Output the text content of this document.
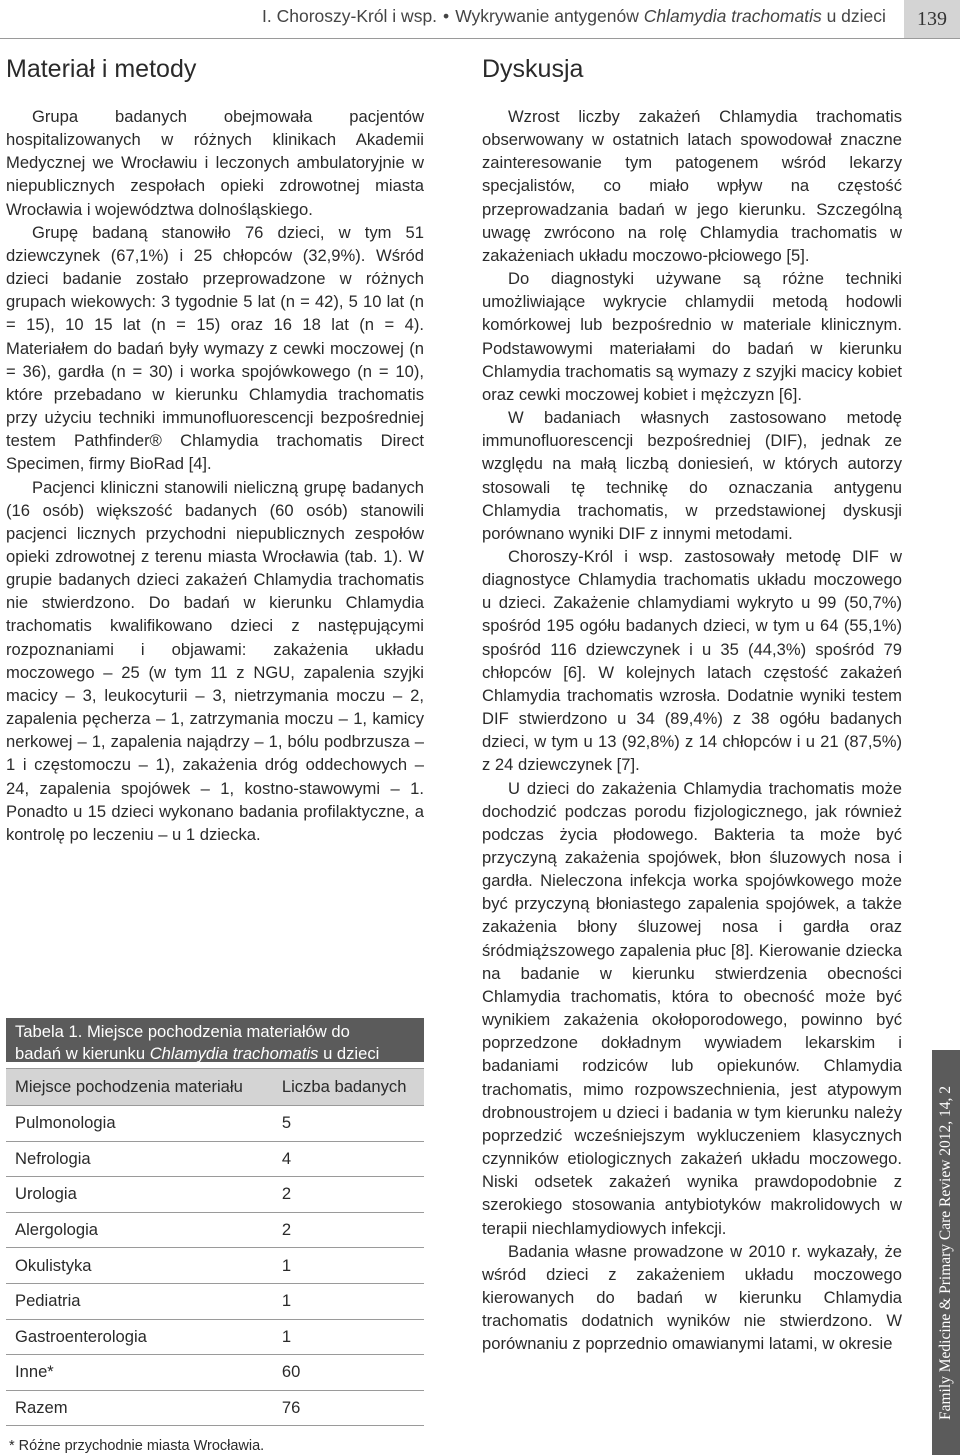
I. Choroszy-Król i wsp. • Wykrywanie antygenów Chlamydia trachomatis u dzieci	139
Materiał i metody

Grupa badanych obejmowała pacjentów hospitalizowanych w różnych klinikach Akademii Medycznej we Wrocławiu i leczonych ambulatoryjnie w niepublicznych zespołach opieki zdrowotnej miasta Wrocławia i województwa dolnośląskiego.

Grupę badaną stanowiło 76 dzieci, w tym 51 dziewczynek (67,1%) i 25 chłopców (32,9%). Wśród dzieci badanie zostało przeprowadzone w różnych grupach wiekowych: 3 tygodnie 5 lat (n = 42), 5 10 lat (n = 15), 10 15 lat (n = 15) oraz 16 18 lat (n = 4). Materiałem do badań były wymazy z cewki moczowej (n = 36), gardła (n = 30) i worka spojówkowego (n = 10), które przebadano w kierunku Chlamydia trachomatis przy użyciu techniki immunofluorescencji bezpośredniej testem Pathfinder® Chlamydia trachomatis Direct Specimen, firmy BioRad [4].

Pacjenci kliniczni stanowili nieliczną grupę badanych (16 osób) większość badanych (60 osób) stanowili pacjenci licznych przychodni niepublicznych zespołów opieki zdrowotnej z terenu miasta Wrocławia (tab. 1). W grupie badanych dzieci zakażeń Chlamydia trachomatis nie stwierdzono. Do badań w kierunku Chlamydia trachomatis kwalifikowano dzieci z następującymi rozpoznaniami i objawami: zakażenia układu moczowego – 25 (w tym 11 z NGU, zapalenia szyjki macicy – 3, leukocyturii – 3, nietrzymania moczu – 2, zapalenia pęcherza – 1, zatrzymania moczu – 1, kamicy nerkowej – 1, zapalenia najądrzy – 1, bólu podbrzusza – 1 i częstomoczu – 1), zakażenia dróg oddechowych – 24, zapalenia spojówek – 1, kostno-stawowymi – 1. Ponadto u 15 dzieci wykonano badania profilaktyczne, a kontrolę po leczeniu – u 1 dziecka.

Tabela 1. Miejsce pochodzenia materiałów do
badań w kierunku Chlamydia trachomatis u dzieci
Miejsce pochodzenia materiału	Liczba badanych
Pulmonologia	5
Nefrologia	4
Urologia	2
Alergologia	2
Okulistyka	1
Pediatria	1
Gastroenterologia	1
Inne*	60
Razem	76
* Różne przychodnie miasta Wrocławia.
Dyskusja

Wzrost liczby zakażeń Chlamydia trachomatis obserwowany w ostatnich latach spowodował znaczne zainteresowanie tym patogenem wśród lekarzy specjalistów, co miało wpływ na częstość przeprowadzania badań w jego kierunku. Szczególną uwagę zwrócono na rolę Chlamydia trachomatis w zakażeniach układu moczowo-płciowego [5].

Do diagnostyki używane są różne techniki umożliwiające wykrycie chlamydii metodą hodowli komórkowej lub bezpośrednio w materiale klinicznym. Podstawowymi materiałami do badań w kierunku Chlamydia trachomatis są wymazy z szyjki macicy kobiet oraz cewki moczowej kobiet i mężczyzn [6].

W badaniach własnych zastosowano metodę immunofluorescencji bezpośredniej (DIF), jednak ze względu na małą liczbą doniesień, w których autorzy stosowali tę technikę do oznaczania antygenu Chlamydia trachomatis, w przedstawionej dyskusji porównano wyniki DIF z innymi metodami.

Choroszy-Król i wsp. zastosowały metodę DIF w diagnostyce Chlamydia trachomatis układu moczowego u dzieci. Zakażenie chlamydiami wykryto u 99 (50,7%) spośród 195 ogółu badanych dzieci, w tym u 64 (55,1%) spośród 116 dziewczynek i u 35 (44,3%) spośród 79 chłopców [6]. W kolejnych latach częstość zakażeń Chlamydia trachomatis wzrosła. Dodatnie wyniki testem DIF stwierdzono u 34 (89,4%) z 38 ogółu badanych dzieci, w tym u 13 (92,8%) z 14 chłopców i u 21 (87,5%) z 24 dziewczynek [7].

U dzieci do zakażenia Chlamydia trachomatis może dochodzić podczas porodu fizjologicznego, jak również podczas życia płodowego. Bakteria ta może być przyczyną zakażenia spojówek, błon śluzowych nosa i gardła. Nieleczona infekcja worka spojówkowego może być przyczyną błoniastego zapalenia spojówek, a także zakażenia błony śluzowej nosa i gardła oraz śródmiąższowego zapalenia płuc [8]. Kierowanie dziecka na badanie w kierunku stwierdzenia obecności Chlamydia trachomatis, która to obecność może być wynikiem zakażenia okołoporodowego, powinno być poprzedzone dokładnym wywiadem lekarskim i badaniami rodziców lub opiekunów. Chlamydia trachomatis, mimo rozpowszechnienia, jest atypowym drobnoustrojem u dzieci i badania w tym kierunku należy poprzedzić wcześniejszym wykluczeniem klasycznych czynników etiologicznych zakażeń układu moczowego. Niski odsetek zakażeń wynika prawdopodobnie z szerokiego stosowania antybiotyków makrolidowych w terapii niechlamydiowych infekcji.

Badania własne prowadzone w 2010 r. wykazały, że wśród dzieci z zakażeniem układu moczowego kierowanych do badań w kierunku Chlamydia trachomatis dodatnich wyników nie stwierdzono. W porównaniu z poprzednio omawianymi latami, w okresie	Family Medicine & Primary Care Review 2012, 14, 2
